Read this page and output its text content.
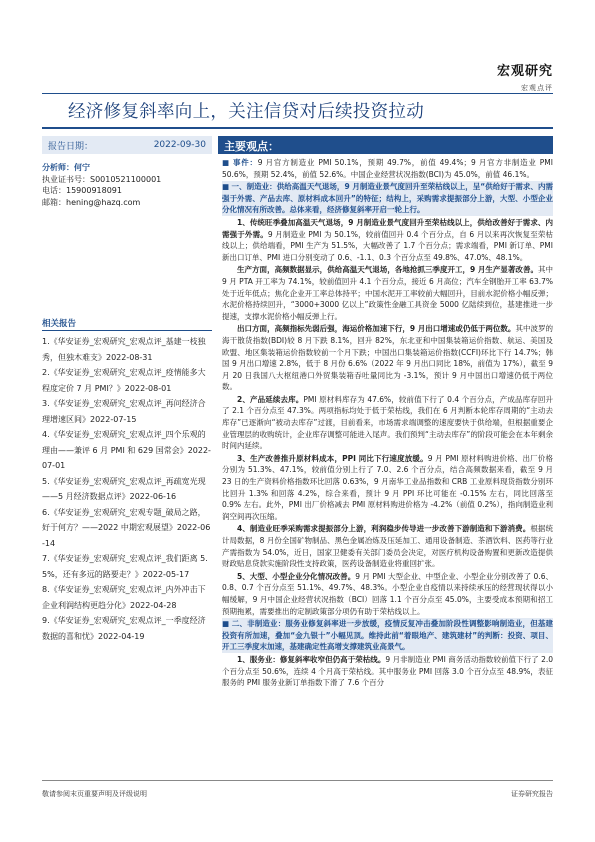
宏观研究
宏观点评
经济修复斜率向上，关注信贷对后续投资拉动
报告日期：	2022-09-30
分析师：何宁
执业证书号：S0010521100001
电话：15900918091
邮箱：hening@hazq.com
相关报告
1.《华安证券_宏观研究_宏观点评_基建一枝独秀，但独木难支》2022-08-31
2.《华安证券_宏观研究_宏观点评_疫情能多大程度定价 7 月 PMI？》2022-08-01
3.《华安证券_宏观研究_宏观点评_再问经济合理增速区间》2022-07-15
4.《华安证券_宏观研究_宏观点评_四个乐观的理由——兼评 6 月 PMI 和 629 国常会》2022-07-01
5.《华安证券_宏观研究_宏观点评_再疏宽光现——5 月经济数据点评》2022-06-16
6.《华安证券_宏观研究_宏观专题_破局之路，好于何方？——2022 中期宏观展望》2022-06-14
7.《华安证券_宏观研究_宏观点评_我们距离 5.5%，还有多远的路要走？》2022-05-17
8.《华安证券_宏观研究_宏观点评_内外冲击下企业利润结构更趋分化》2022-04-28
9.《华安证券_宏观研究_宏观点评_一季度经济数据的喜和忧》2022-04-19
主要观点：

■ 事件：9 月官方制造业 PMI 50.1%，预期 49.7%，前值 49.4%；9 月官方非制造业 PMI 50.6%，预期 52.4%，前值 52.6%。中国企业经营状况指数(BCI)为 45.0%，前值 46.1%。

■ 一、制造业：供给高温天气退场，9 月制造业景气度回升至荣枯线以上，呈“供给好于需求、内需强于外需、产品去库、原材料成本回升”的特征；结构上，采购需求提振部分上游，大型、小型企业分化情况有所改善。总体来看，经济修复斜率开启一轮上行。

1、传统旺季叠加高温天气退场，9 月制造业景气度回升至荣枯线以上，供给改善好于需求、内需强于外需。9 月制造业 PMI 为 50.1%，较前值回升 0.4 个百分点，自 6 月以来再次恢复至荣枯线以上；供给端看，PMI 生产为 51.5%，大幅改善了 1.7 个百分点；需求端看，PMI 新订单、PMI 新出口订单、PMI 进口分别变动了 0.6、-1.1、0.3 个百分点至 49.8%、47.0%、48.1%。

生产方面，高频数据显示，供给高温天气退场，各地抢抓三季度开工，9 月生产显著改善。其中 9 月 PTA 开工率为 74.1%，较前值回升 4.1 个百分点，接近 6 月高位；汽车全钢胎开工率 63.7% 处于近年低点；焦化企业开工率总体持平；中国水泥开工率较前大幅回升，目前水泥价格小幅反弹；水泥价格持续回升，“3000+3000 亿以上”政策性金融工具资金 5000 亿陆续到位，基建推进一步提速，支撑水泥价格小幅反弹上行。

出口方面，高频指标先弱后强，海运价格加速下行，9 月出口增速或仍低于两位数。其中波罗的海干散货指数(BDI)较 8 月下跌 8.1%，回升 82%，东北亚和中国集装箱运价指数、航运、美国及欧盟、地区集装箱运价指数较前一个月下跌；中国出口集装箱运价指数(CCFI)环比下行 14.7%；韩国 9 月出口增速 2.8%，低于 8 月份 6.6%（2022 年 9 月出口同比 18%，前值为 17%），截至 9 月 20 日我国八大枢纽港口外贸集装箱吞吐量同比为 -3.1%，预计 9 月中国出口增速仍低于两位数。

2、产品延续去库。PMI 原材料库存为 47.6%，较前值下行了 0.4 个百分点，产成品库存回升了 2.1 个百分点至 47.3%。两项指标均处于低于荣枯线，我们在 6 月判断本轮库存周期的“主动去库存”已逐渐向“被动去库存”过渡，目前看来，市场需求端调整的速度要快于供给端，但根据重要企业管理层的收购统计，企业库存调整可能进入尾声。我们预判“主动去库存”的阶段可能会在本年剩余时间内延续。

3、生产改善推升原材料成本，PPI 同比下行速度放缓。9 月 PMI 原材料购进价格、出厂价格分别为 51.3%、47.1%，较前值分别上行了 7.0、2.6 个百分点，结合高频数据来看，截至 9 月 23 日的生产资料价格指数环比回落 0.63%，9 月南华工业品指数和 CRB 工业原料现货指数分别环比回升 1.3% 和回落 4.2%，综合来看，预计 9 月 PPI 环比可能在 -0.15% 左右，同比回落至 0.9% 左右。此外，PMI 出厂价格减去 PMI 原材料购进价格为 -4.2%（前值 0.2%），指向制造业利润空间再次压缩。

4、制造业旺季采购需求提振部分上游，利润稳步传导进一步改善下游制造和下游消费。根据统计局数据，8 月份全国矿物制品、黑色金属冶炼及压延加工、通用设备制造、茶酒饮料、医药等行业产需指数为 54.0%，近日，国家卫健委有关部门委员会决定，对医疗机构设备购置和更新改造提供财政贴息贷款实施阶段性支持政策，医药设备制造业将重回扩张。

5、大型、小型企业分化情况改善。9 月 PMI 大型企业、中型企业、小型企业分别改善了 0.6、0.8、0.7 个百分点至 51.1%、49.7%、48.3%。小型企业自疫情以来持续承压的经营现状得以小幅缓解，9 月中国企业经营状况指数（BCI）回落 1.1 个百分点至 45.0%，主要受成本预期和招工预期拖累，需要推出的定制政策部分项仍有助于荣枯线以上。

■ 二、非制造业：服务业修复斜率进一步放缓，疫情反复冲击叠加阶段性调整影响制造业，但基建投资有所加速，叠加“金九银十”小幅见顶。维持此前“着眼地产、建筑建材”的判断：投资、项目、开工三季度末加速，基建确定性高增支撑建筑业高景气。

1、服务业：修复斜率收窄但仍高于荣枯线。9 月非制造业 PMI 商务活动指数较前值下行了 2.0 个百分点至 50.6%，连续 4 个月高于荣枯线。其中服务业 PMI 回落 3.0 个百分点至 48.9%，表征服务的 PMI 服务业新订单指数下滑了 7.6 个百分

敬请参阅末页重要声明及评级说明	证券研究报告
